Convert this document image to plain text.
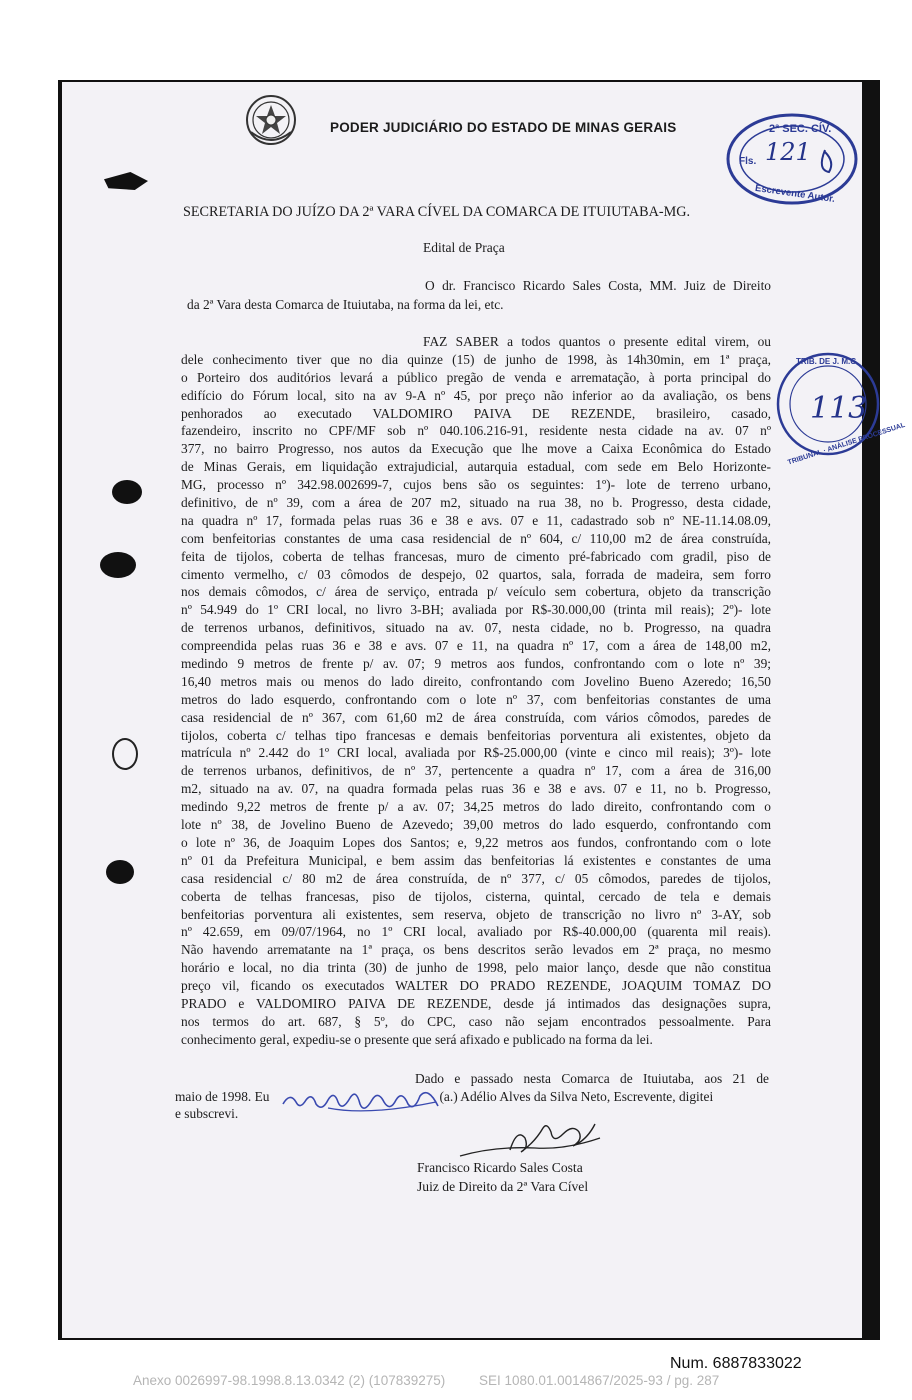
PODER JUDICIÁRIO DO ESTADO DE MINAS GERAIS	2ª SEC. CÍV.
Fls. 121
Escrevente Autor.
TRIB. DE J. M.G.
113
TRIBUNAL · ANÁLISE PROCESSUAL
SECRETARIA DO JUÍZO DA 2ª VARA CÍVEL DA COMARCA DE ITUIUTABA-MG.
Edital de Praça
O dr. Francisco Ricardo Sales Costa, MM. Juiz de Direito
da 2ª Vara desta Comarca de Ituiutaba, na forma da lei, etc.
FAZ SABER a todos quantos o presente edital virem, ou
dele conhecimento tiver que no dia quinze (15) de junho de 1998, às 14h30min, em 1ª praça,
o Porteiro dos auditórios levará a público pregão de venda e arrematação, à porta principal do
edifício do Fórum local, sito na av 9-A nº 45, por preço não inferior ao da avaliação, os bens
penhorados ao executado VALDOMIRO PAIVA DE REZENDE, brasileiro, casado,
fazendeiro, inscrito no CPF/MF sob nº 040.106.216-91, residente nesta cidade na av. 07 nº
377, no bairro Progresso, nos autos da Execução que lhe move a Caixa Econômica do Estado
de Minas Gerais, em liquidação extrajudicial, autarquia estadual, com sede em Belo Horizonte-
MG, processo nº 342.98.002699-7, cujos bens são os seguintes: 1º)- lote de terreno urbano,
definitivo, de nº 39, com a área de 207 m2, situado na rua 38, no b. Progresso, desta cidade,
na quadra nº 17, formada pelas ruas 36 e 38 e avs. 07 e 11, cadastrado sob nº NE-11.14.08.09,
com benfeitorias constantes de uma casa residencial de nº 604, c/ 110,00 m2 de área construída,
feita de tijolos, coberta de telhas francesas, muro de cimento pré-fabricado com gradil, piso de
cimento vermelho, c/ 03 cômodos de despejo, 02 quartos, sala, forrada de madeira, sem forro
nos demais cômodos, c/ área de serviço, entrada p/ veículo sem cobertura, objeto da transcrição
nº 54.949 do 1º CRI local, no livro 3-BH; avaliada por R$-30.000,00 (trinta mil reais); 2º)- lote
de terrenos urbanos, definitivos, situado na av. 07, nesta cidade, no b. Progresso, na quadra
compreendida pelas ruas 36 e 38 e avs. 07 e 11, na quadra nº 17, com a área de 148,00 m2,
medindo 9 metros de frente p/ av. 07; 9 metros aos fundos, confrontando com o lote nº 39;
16,40 metros mais ou menos do lado direito, confrontando com Jovelino Bueno Azeredo; 16,50
metros do lado esquerdo, confrontando com o lote nº 37, com benfeitorias constantes de uma
casa residencial de nº 367, com 61,60 m2 de área construída, com vários cômodos, paredes de
tijolos, coberta c/ telhas tipo francesas e demais benfeitorias porventura ali existentes, objeto da
matrícula nº 2.442 do 1º CRI local, avaliada por R$-25.000,00 (vinte e cinco mil reais); 3º)- lote
de terrenos urbanos, definitivos, de nº 37, pertencente a quadra nº 17, com a área de 316,00
m2, situado na av. 07, na quadra formada pelas ruas 36 e 38 e avs. 07 e 11, no b. Progresso,
medindo 9,22 metros de frente p/ a av. 07; 34,25 metros do lado direito, confrontando com o
lote nº 38, de Jovelino Bueno de Azevedo; 39,00 metros do lado esquerdo, confrontando com
o lote nº 36, de Joaquim Lopes dos Santos; e, 9,22 metros aos fundos, confrontando com o lote
nº 01 da Prefeitura Municipal, e bem assim das benfeitorias lá existentes e constantes de uma
casa residencial c/ 80 m2 de área construída, de nº 377, c/ 05 cômodos, paredes de tijolos,
coberta de telhas francesas, piso de tijolos, cisterna, quintal, cercado de tela e demais
benfeitorias porventura ali existentes, sem reserva, objeto de transcrição no livro nº 3-AY, sob
nº 42.659, em 09/07/1964, no 1º CRI local, avaliado por R$-40.000,00 (quarenta mil reais).
Não havendo arrematante na 1ª praça, os bens descritos serão levados em 2ª praça, no mesmo
horário e local, no dia trinta (30) de junho de 1998, pelo maior lanço, desde que não constitua
preço vil, ficando os executados WALTER DO PRADO REZENDE, JOAQUIM TOMAZ DO
PRADO e VALDOMIRO PAIVA DE REZENDE, desde já intimados das designações supra,
nos termos do art. 687, § 5º, do CPC, caso não sejam encontrados pessoalmente. Para
conhecimento geral, expediu-se o presente que será afixado e publicado na forma da lei.
Dado e passado nesta Comarca de Ituiutaba, aos 21 de
maio de 1998. Eu	(a.) Adélio Alves da Silva Neto, Escrevente, digitei
e subscrevi.
Francisco Ricardo Sales Costa
Juiz de Direito da 2ª Vara Cível
Num. 6887833022
Anexo 0026997-98.1998.8.13.0342 (2) (107839275)	SEI 1080.01.0014867/2025-93 / pg. 287
